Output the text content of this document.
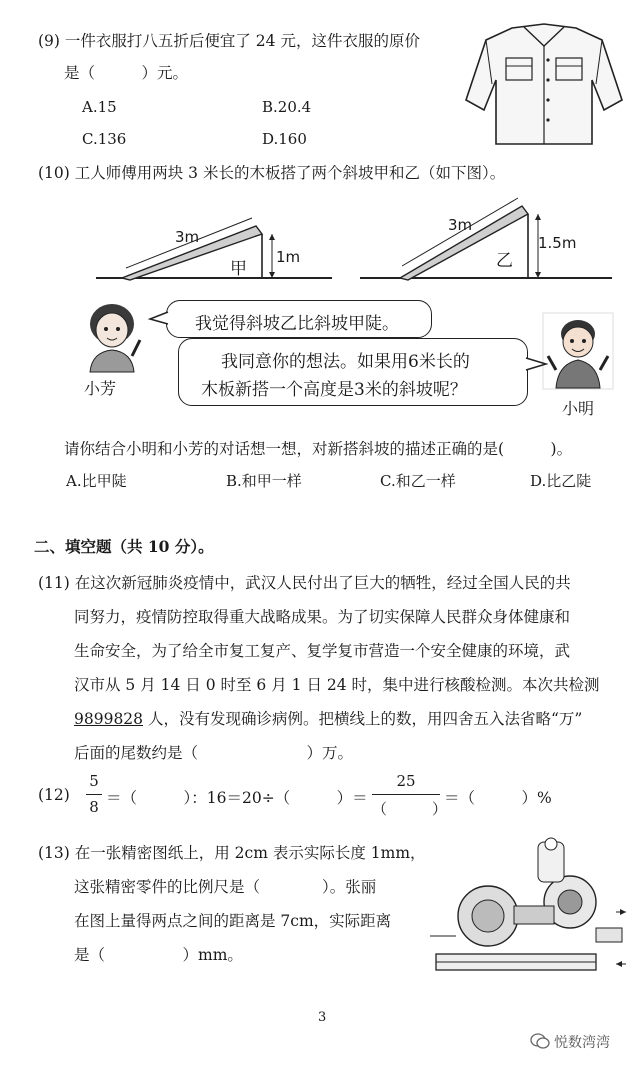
(9) 一件衣服打八五折后便宜了 24 元，这件衣服的原价
是（　　　）元。
A.15	B.20.4
C.136	D.160
(10) 工人师傅用两块 3 米长的木板搭了两个斜坡甲和乙（如下图）。
3m
1m
甲
3m
1.5m
乙
小芳
小明
我觉得斜坡乙比斜坡甲陡。
我同意你的想法。如果用6米长的
木板新搭一个高度是3米的斜坡呢？
请你结合小明和小芳的对话想一想，对新搭斜坡的描述正确的是(　　　)。
A.比甲陡	B.和甲一样	C.和乙一样	D.比乙陡
二、填空题（共 10 分）。
(11) 在这次新冠肺炎疫情中，武汉人民付出了巨大的牺牲，经过全国人民的共
同努力，疫情防控取得重大战略成果。为了切实保障人民群众身体健康和
生命安全，为了给全市复工复产、复学复市营造一个安全健康的环境，武
汉市从 5 月 14 日 0 时至 6 月 1 日 24 时，集中进行核酸检测。本次共检测
9899828 人，没有发现确诊病例。把横线上的数，用四舍五入法省略“万”
后面的尾数约是（　　　　　　　）万。
(12)
5
8 ＝（　　　）：16＝20÷（　　　）＝
25
（　　　）
＝（　　　）%
(13) 在一张精密图纸上，用 2cm 表示实际长度 1mm，
这张精密零件的比例尺是（　　　　）。张丽
在图上量得两点之间的距离是 7cm，实际距离
是（　　　　　）mm。
3
悦数湾湾
